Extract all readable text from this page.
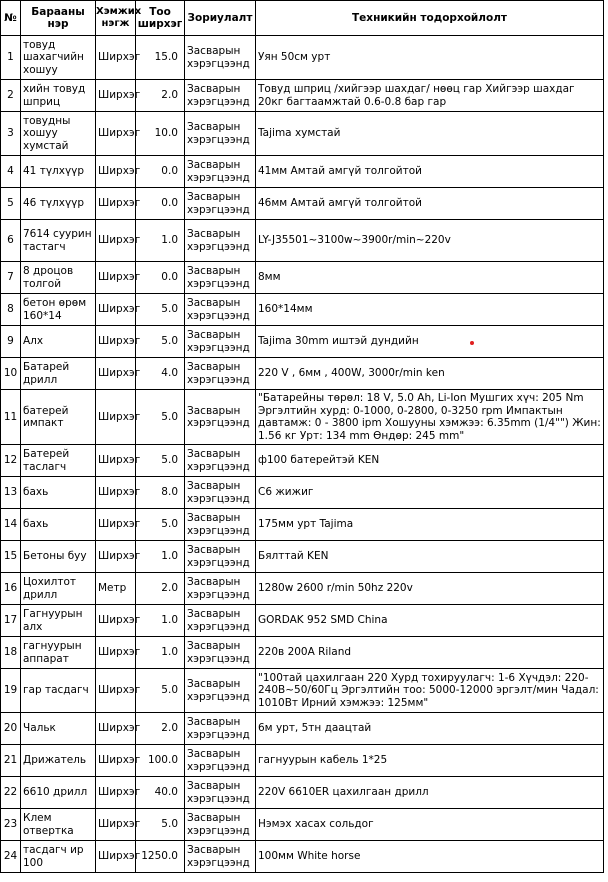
№	Барааны нэр	Хэмжих нэгж	Тоо ширхэг	Зориулалт	Техникийн тодорхойлолт
1	товуд шахагчийн хошуу	Ширхэг	15.0	Засварын хэрэгцээнд	Уян 50см урт
2	хийн товуд шприц	Ширхэг	2.0	Засварын хэрэгцээнд	Товуд шприц /хийгээр шахдаг/ нөөц гар Хийгээр шахдаг 20кг багтаамжтай 0.6-0.8 бар гар
3	товудны хошуу хумстай	Ширхэг	10.0	Засварын хэрэгцээнд	Tajima хумстай
4	41 түлхүүр	Ширхэг	0.0	Засварын хэрэгцээнд	41мм Амтай амгүй толгойтой
5	46 түлхүүр	Ширхэг	0.0	Засварын хэрэгцээнд	46мм Амтай амгүй толгойтой
6	7614 суурин тастагч	Ширхэг	1.0	Засварын хэрэгцээнд	LY-J35501~3100w~3900r/min~220v
7	8 дроцов толгой	Ширхэг	0.0	Засварын хэрэгцээнд	8мм
8	бетон өрөм 160*14	Ширхэг	5.0	Засварын хэрэгцээнд	160*14мм
9	Алх	Ширхэг	5.0	Засварын хэрэгцээнд	Tajima 30mm иштэй дундийн
10	Батарей дрилл	Ширхэг	4.0	Засварын хэрэгцээнд	220 V , 6мм , 400W, 3000r/min ken
11	батерей импакт	Ширхэг	5.0	Засварын хэрэгцээнд	"Батарейны төрөл: 18 V, 5.0 Ah, Li-Ion Мушгих хүч: 205 Nm Эргэлтийн хурд: 0-1000, 0-2800, 0-3250 rpm Импактын давтамж: 0 - 3800 ipm Хошууны хэмжээ: 6.35mm (1/4"") Жин: 1.56 кг Урт: 134 mm Өндөр: 245 mm"
12	Батерей таслагч	Ширхэг	5.0	Засварын хэрэгцээнд	ф100 батерейтэй KEN
13	бахь	Ширхэг	8.0	Засварын хэрэгцээнд	С6 жижиг
14	бахь	Ширхэг	5.0	Засварын хэрэгцээнд	175мм урт Tajima
15	Бетоны буу	Ширхэг	1.0	Засварын хэрэгцээнд	Бялттай KEN
16	Цохилтот дрилл	Метр	2.0	Засварын хэрэгцээнд	1280w 2600 r/min 50hz 220v
17	Гагнуурын алх	Ширхэг	1.0	Засварын хэрэгцээнд	GORDAK 952 SMD China
18	гагнуурын аппарат	Ширхэг	1.0	Засварын хэрэгцээнд	220в 200А Riland
19	гар тасдагч	Ширхэг	5.0	Засварын хэрэгцээнд	"100тай цахилгаан 220 Хурд тохируулагч: 1-6 Хүчдэл: 220-240В~50/60Гц Эргэлтийн тоо: 5000-12000 эргэлт/мин Чадал: 1010Вт Ирний хэмжээ: 125мм"
20	Чальк	Ширхэг	2.0	Засварын хэрэгцээнд	6м урт, 5тн даацтай
21	Дрижатель	Ширхэг	100.0	Засварын хэрэгцээнд	гагнуурын кабель 1*25
22	6610 дрилл	Ширхэг	40.0	Засварын хэрэгцээнд	220V 6610ER цахилгаан дрилл
23	Клем отвертка	Ширхэг	5.0	Засварын хэрэгцээнд	Нэмэх хасах сольдог
24	тасдагч ир 100	Ширхэг	1250.0	Засварын хэрэгцээнд	100мм White horse
